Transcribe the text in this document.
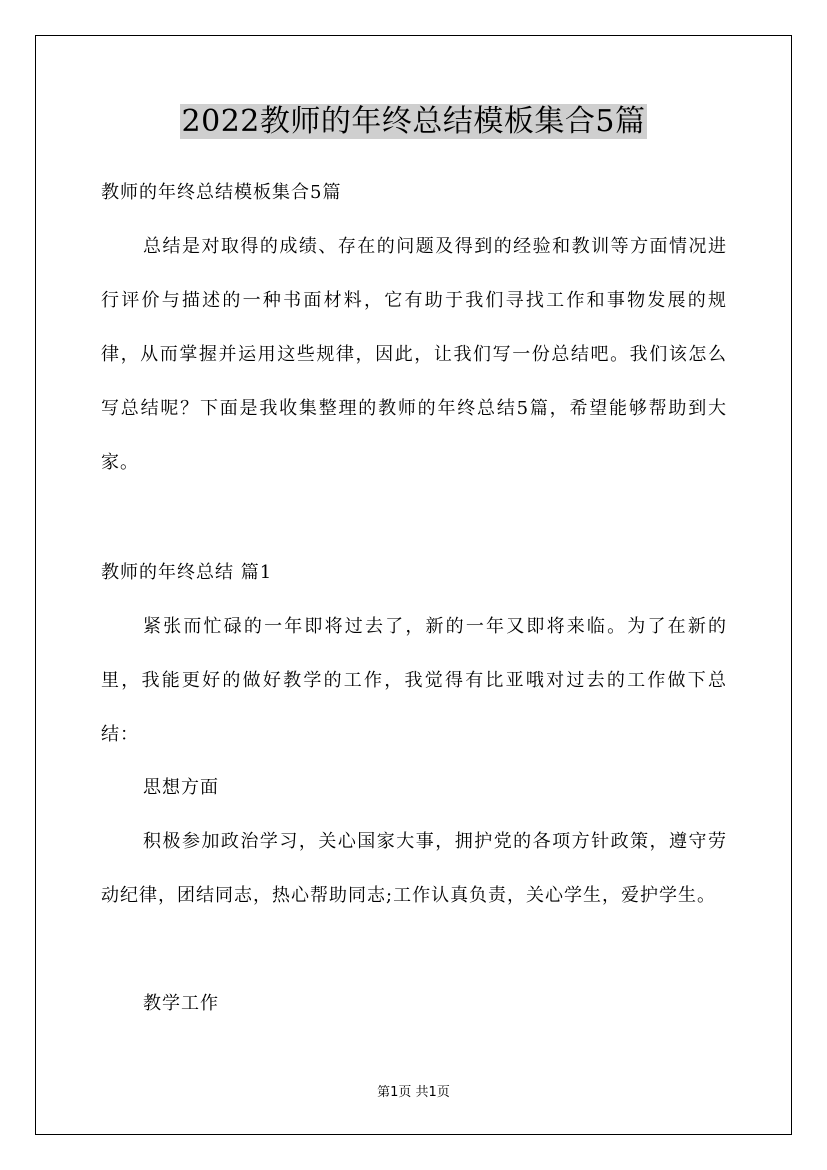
2022教师的年终总结模板集合5篇
教师的年终总结模板集合5篇
总结是对取得的成绩、存在的问题及得到的经验和教训等方面情况进行评价与描述的一种书面材料，它有助于我们寻找工作和事物发展的规律，从而掌握并运用这些规律，因此，让我们写一份总结吧。我们该怎么写总结呢？下面是我收集整理的教师的年终总结5篇，希望能够帮助到大家。
教师的年终总结 篇1
紧张而忙碌的一年即将过去了，新的一年又即将来临。为了在新的里，我能更好的做好教学的工作，我觉得有比亚哦对过去的工作做下总结：
思想方面
积极参加政治学习，关心国家大事，拥护党的各项方针政策，遵守劳动纪律，团结同志，热心帮助同志;工作认真负责，关心学生，爱护学生。
教学工作
第1页 共1页
